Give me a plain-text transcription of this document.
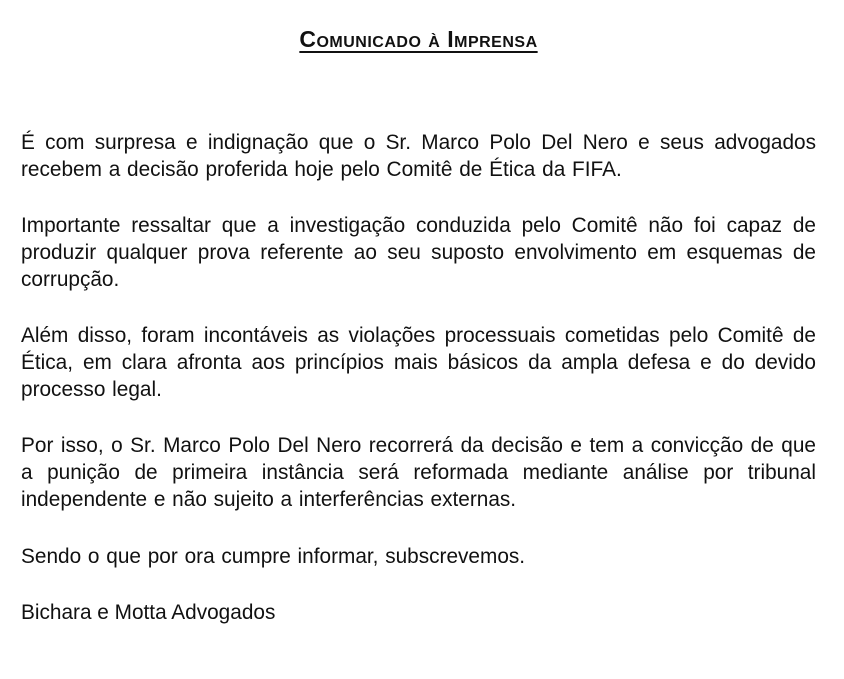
Comunicado à Imprensa

É com surpresa e indignação que o Sr. Marco Polo Del Nero e seus advogados recebem a decisão proferida hoje pelo Comitê de Ética da FIFA.

Importante ressaltar que a investigação conduzida pelo Comitê não foi capaz de produzir qualquer prova referente ao seu suposto envolvimento em esquemas de corrupção.

Além disso, foram incontáveis as violações processuais cometidas pelo Comitê de Ética, em clara afronta aos princípios mais básicos da ampla defesa e do devido processo legal.

Por isso, o Sr. Marco Polo Del Nero recorrerá da decisão e tem a convicção de que a punição de primeira instância será reformada mediante análise por tribunal independente e não sujeito a interferências externas.

Sendo o que por ora cumpre informar, subscrevemos.

Bichara e Motta Advogados
